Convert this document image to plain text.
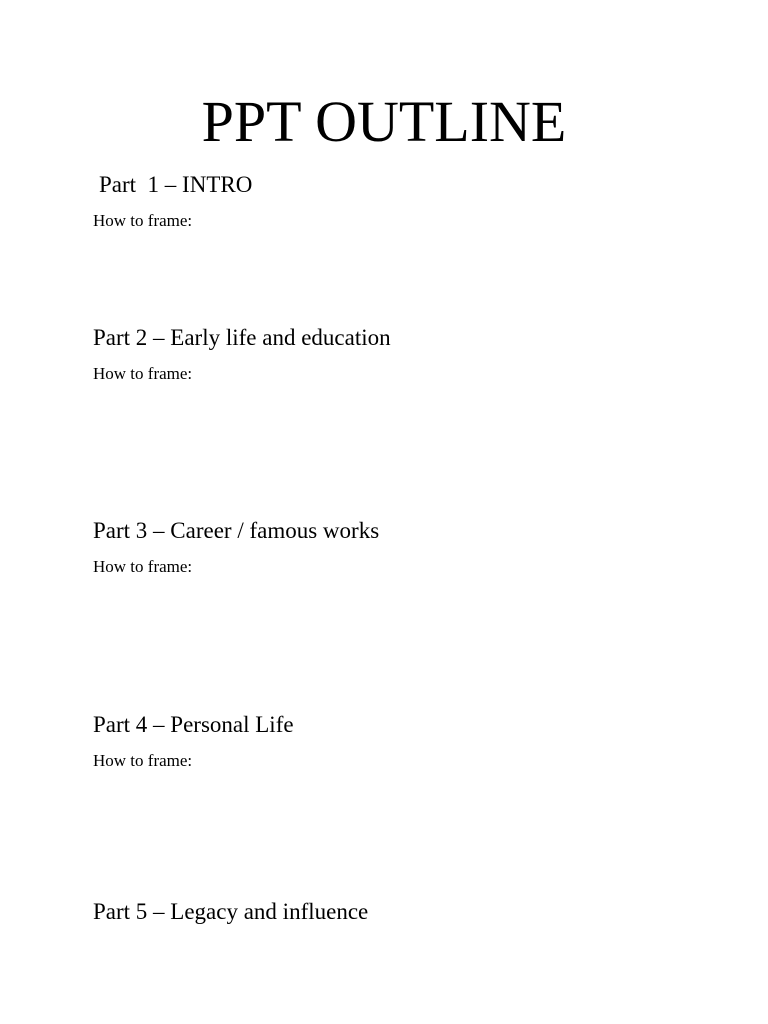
PPT OUTLINE
Part  1 – INTRO
How to frame:
Part 2 – Early life and education
How to frame:
Part 3 – Career / famous works
How to frame:
Part 4 – Personal Life
How to frame:
Part 5 – Legacy and influence
